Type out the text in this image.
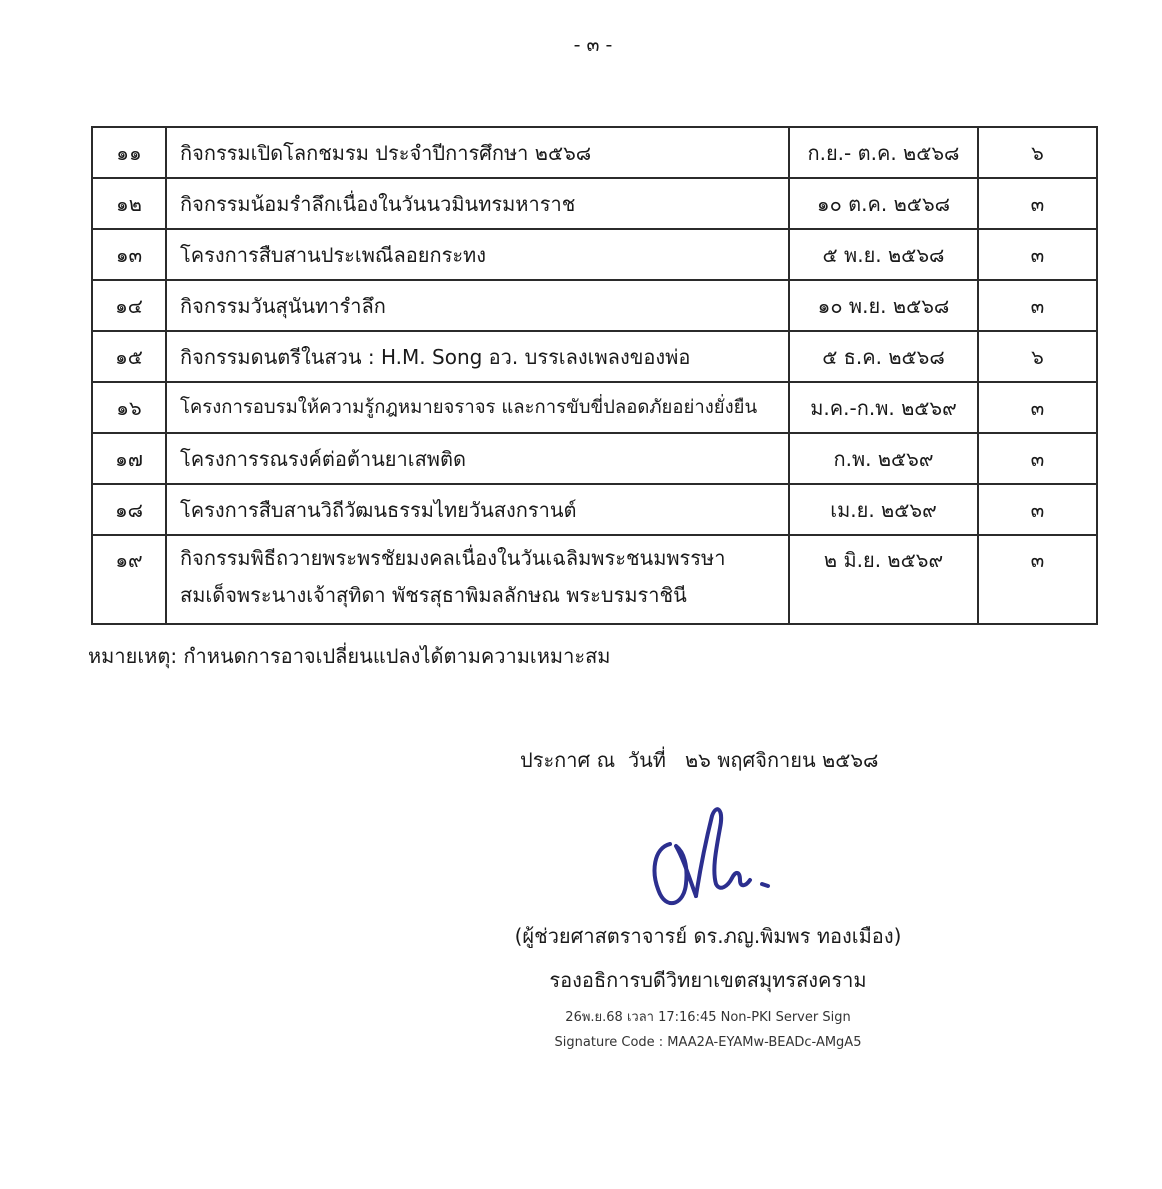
- ๓ -
๑๑	กิจกรรมเปิดโลกชมรม ประจำปีการศึกษา ๒๕๖๘	ก.ย.- ต.ค. ๒๕๖๘	๖
๑๒	กิจกรรมน้อมรำลึกเนื่องในวันนวมินทรมหาราช	๑๐ ต.ค. ๒๕๖๘	๓
๑๓	โครงการสืบสานประเพณีลอยกระทง	๕ พ.ย. ๒๕๖๘	๓
๑๔	กิจกรรมวันสุนันทารำลึก	๑๐ พ.ย. ๒๕๖๘	๓
๑๕	กิจกรรมดนตรีในสวน : H.M. Song อว. บรรเลงเพลงของพ่อ	๕ ธ.ค. ๒๕๖๘	๖
๑๖	โครงการอบรมให้ความรู้กฎหมายจราจร และการขับขี่ปลอดภัยอย่างยั่งยืน	ม.ค.-ก.พ. ๒๕๖๙	๓
๑๗	โครงการรณรงค์ต่อต้านยาเสพติด	ก.พ. ๒๕๖๙	๓
๑๘	โครงการสืบสานวิถีวัฒนธรรมไทยวันสงกรานต์	เม.ย. ๒๕๖๙	๓
๑๙	กิจกรรมพิธีถวายพระพรชัยมงคลเนื่องในวันเฉลิมพระชนมพรรษา
สมเด็จพระนางเจ้าสุทิดา พัชรสุธาพิมลลักษณ พระบรมราชินี	๒ มิ.ย. ๒๕๖๙	๓
หมายเหตุ: กำหนดการอาจเปลี่ยนแปลงได้ตามความเหมาะสม
ประกาศ ณ  วันที่   ๒๖ พฤศจิกายน ๒๕๖๘
(ผู้ช่วยศาสตราจารย์ ดร.ภญ.พิมพร ทองเมือง)
รองอธิการบดีวิทยาเขตสมุทรสงคราม
26พ.ย.68 เวลา 17:16:45 Non-PKI Server Sign
Signature Code : MAA2A-EYAMw-BEADc-AMgA5
